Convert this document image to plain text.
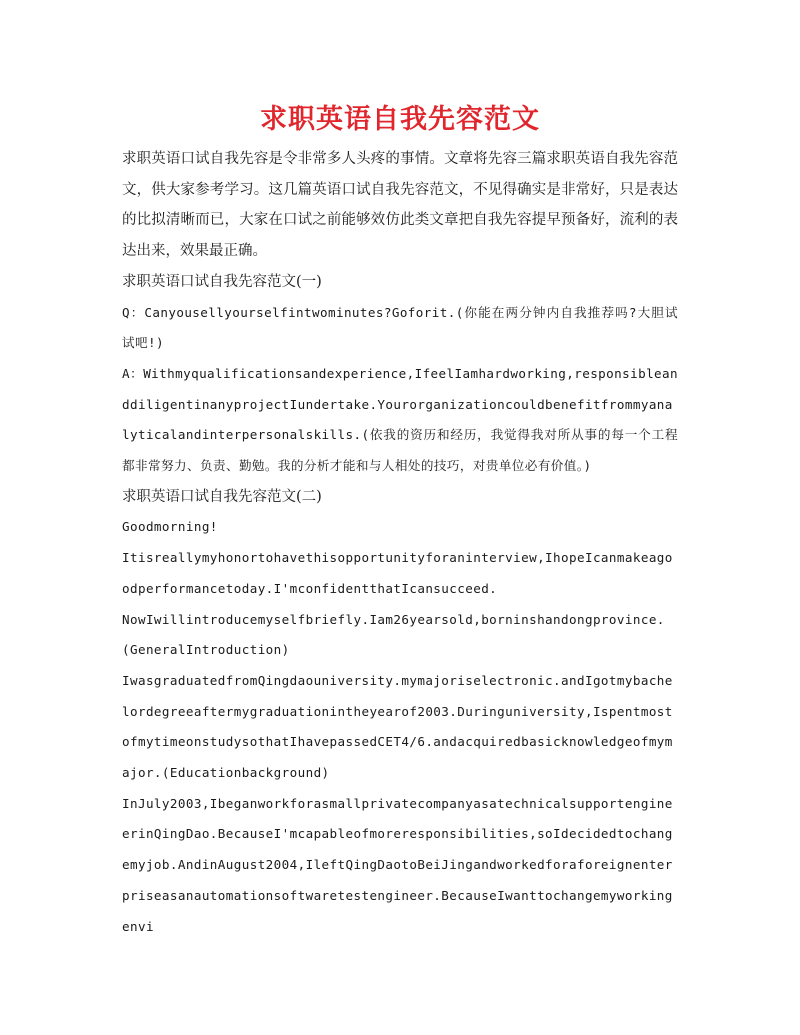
求职英语自我先容范文

求职英语口试自我先容是令非常多人头疼的事情。文章将先容三篇求职英语自我先容范文，供大家参考学习。这几篇英语口试自我先容范文，不见得确实是非常好，只是表达的比拟清晰而已，大家在口试之前能够效仿此类文章把自我先容提早预备好，流利的表达出来，效果最正确。

求职英语口试自我先容范文(一)

Q：Canyousellyourselfintwominutes?Goforit.(你能在两分钟内自我推荐吗?大胆试试吧!)

A：Withmyqualificationsandexperience,IfeelIamhardworking,responsibleanddiligentinanyprojectIundertake.Yourorganizationcouldbenefitfrommyanalyticalandinterpersonalskills.(依我的资历和经历，我觉得我对所从事的每一个工程都非常努力、负责、勤勉。我的分析才能和与人相处的技巧，对贵单位必有价值。)

求职英语口试自我先容范文(二)

Goodmorning!

Itisreallymyhonortohavethisopportunityforaninterview,IhopeIcanmakeagoodperformancetoday.I'mconfidentthatIcansucceed.

NowIwillintroducemyselfbriefly.Iam26yearsold,borninshandongprovince.(GeneralIntroduction)

IwasgraduatedfromQingdaouniversity.mymajoriselectronic.andIgotmybachelordegreeaftermygraduationintheyearof2003.Duringuniversity,IspentmostofmytimeonstudysothatIhavepassedCET4/6.andacquiredbasicknowledgeofmymajor.(Educationbackground)

InJuly2003,IbeganworkforasmallprivatecompanyasatechnicalsupportengineerinQingDao.BecauseI'mcapableofmoreresponsibilities,soIdecidedtochangemyjob.AndinAugust2004,IleftQingDaotoBeiJingandworkedforaforeignenterpriseasanautomationsoftwaretestengineer.BecauseIwanttochangemyworkingenvi
